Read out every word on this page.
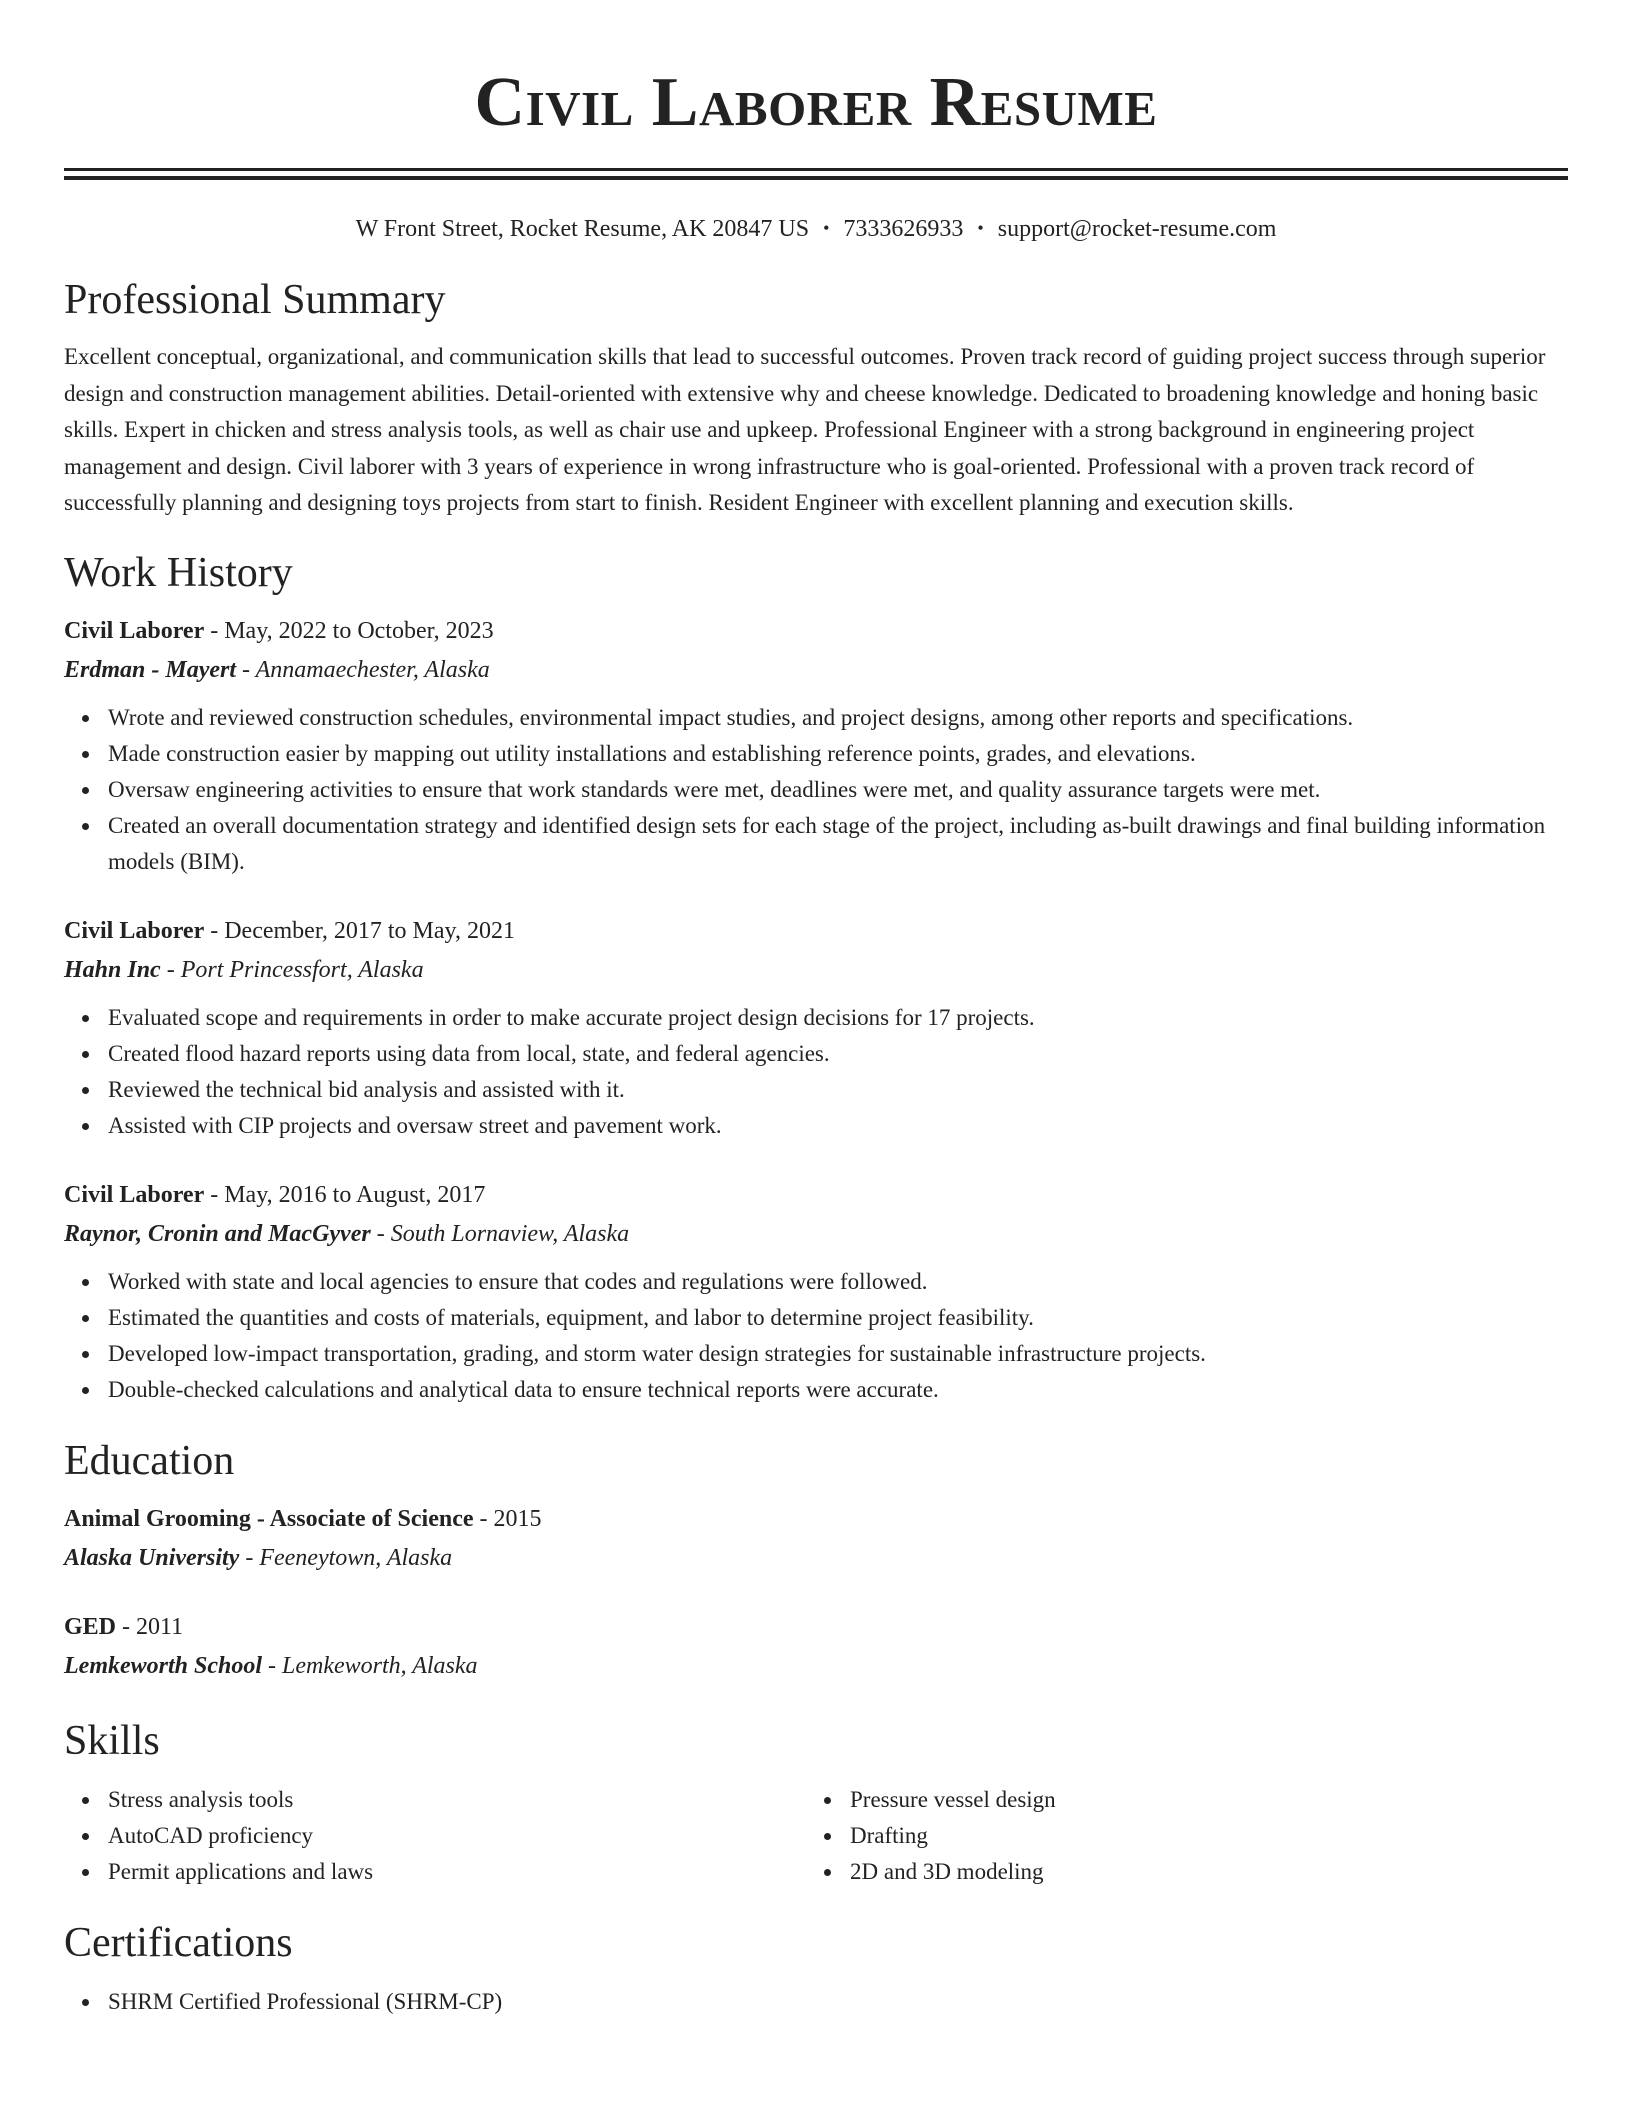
Civil Laborer Resume
W Front Street, Rocket Resume, AK 20847 US • 7333626933 • support@rocket-resume.com
Professional Summary
Excellent conceptual, organizational, and communication skills that lead to successful outcomes. Proven track record of guiding project success through superior design and construction management abilities. Detail-oriented with extensive why and cheese knowledge. Dedicated to broadening knowledge and honing basic skills. Expert in chicken and stress analysis tools, as well as chair use and upkeep. Professional Engineer with a strong background in engineering project management and design. Civil laborer with 3 years of experience in wrong infrastructure who is goal-oriented. Professional with a proven track record of successfully planning and designing toys projects from start to finish. Resident Engineer with excellent planning and execution skills.
Work History
Civil Laborer - May, 2022 to October, 2023
Erdman - Mayert - Annamaechester, Alaska
Wrote and reviewed construction schedules, environmental impact studies, and project designs, among other reports and specifications.
Made construction easier by mapping out utility installations and establishing reference points, grades, and elevations.
Oversaw engineering activities to ensure that work standards were met, deadlines were met, and quality assurance targets were met.
Created an overall documentation strategy and identified design sets for each stage of the project, including as-built drawings and final building information models (BIM).
Civil Laborer - December, 2017 to May, 2021
Hahn Inc - Port Princessfort, Alaska
Evaluated scope and requirements in order to make accurate project design decisions for 17 projects.
Created flood hazard reports using data from local, state, and federal agencies.
Reviewed the technical bid analysis and assisted with it.
Assisted with CIP projects and oversaw street and pavement work.
Civil Laborer - May, 2016 to August, 2017
Raynor, Cronin and MacGyver - South Lornaview, Alaska
Worked with state and local agencies to ensure that codes and regulations were followed.
Estimated the quantities and costs of materials, equipment, and labor to determine project feasibility.
Developed low-impact transportation, grading, and storm water design strategies for sustainable infrastructure projects.
Double-checked calculations and analytical data to ensure technical reports were accurate.
Education
Animal Grooming - Associate of Science - 2015
Alaska University - Feeneytown, Alaska
GED - 2011
Lemkeworth School - Lemkeworth, Alaska
Skills
Stress analysis tools
AutoCAD proficiency
Permit applications and laws
Pressure vessel design
Drafting
2D and 3D modeling
Certifications
SHRM Certified Professional (SHRM-CP)
